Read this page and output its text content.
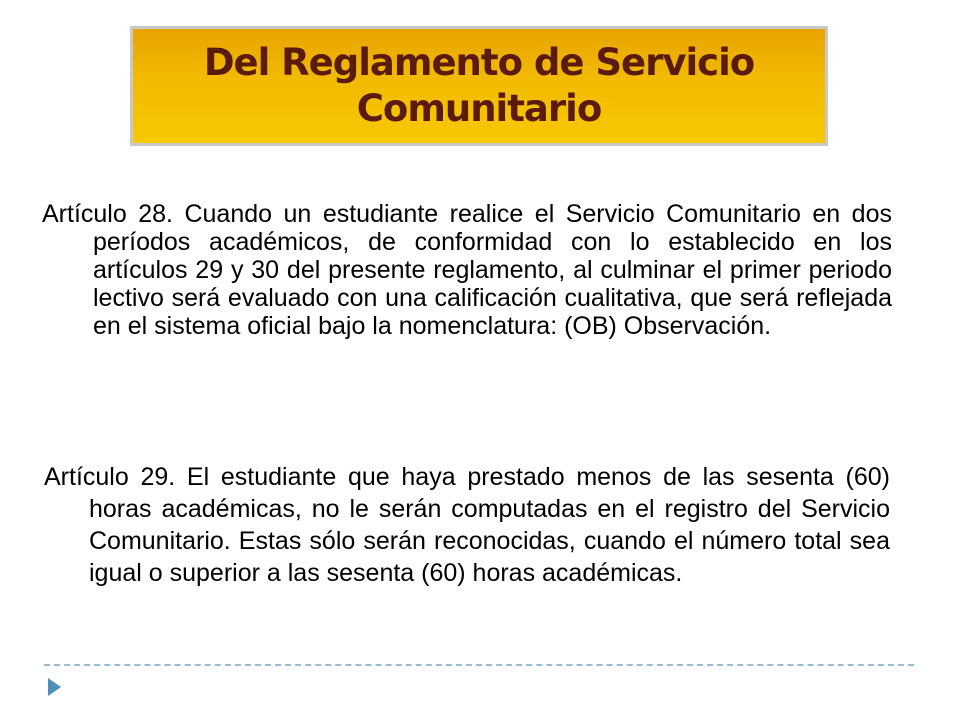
Del Reglamento de Servicio
Comunitario

Artículo 28. Cuando un estudiante realice el Servicio Comunitario en dos períodos académicos, de conformidad con lo establecido en los artículos 29 y 30 del presente reglamento, al culminar el primer periodo lectivo será evaluado con una calificación cualitativa, que será reflejada en el sistema oficial bajo la nomenclatura: (OB) Observación.

Artículo 29. El estudiante que haya prestado menos de las sesenta (60) horas académicas, no le serán computadas en el registro del Servicio Comunitario. Estas sólo serán reconocidas, cuando el número total sea igual o superior a las sesenta (60) horas académicas.
